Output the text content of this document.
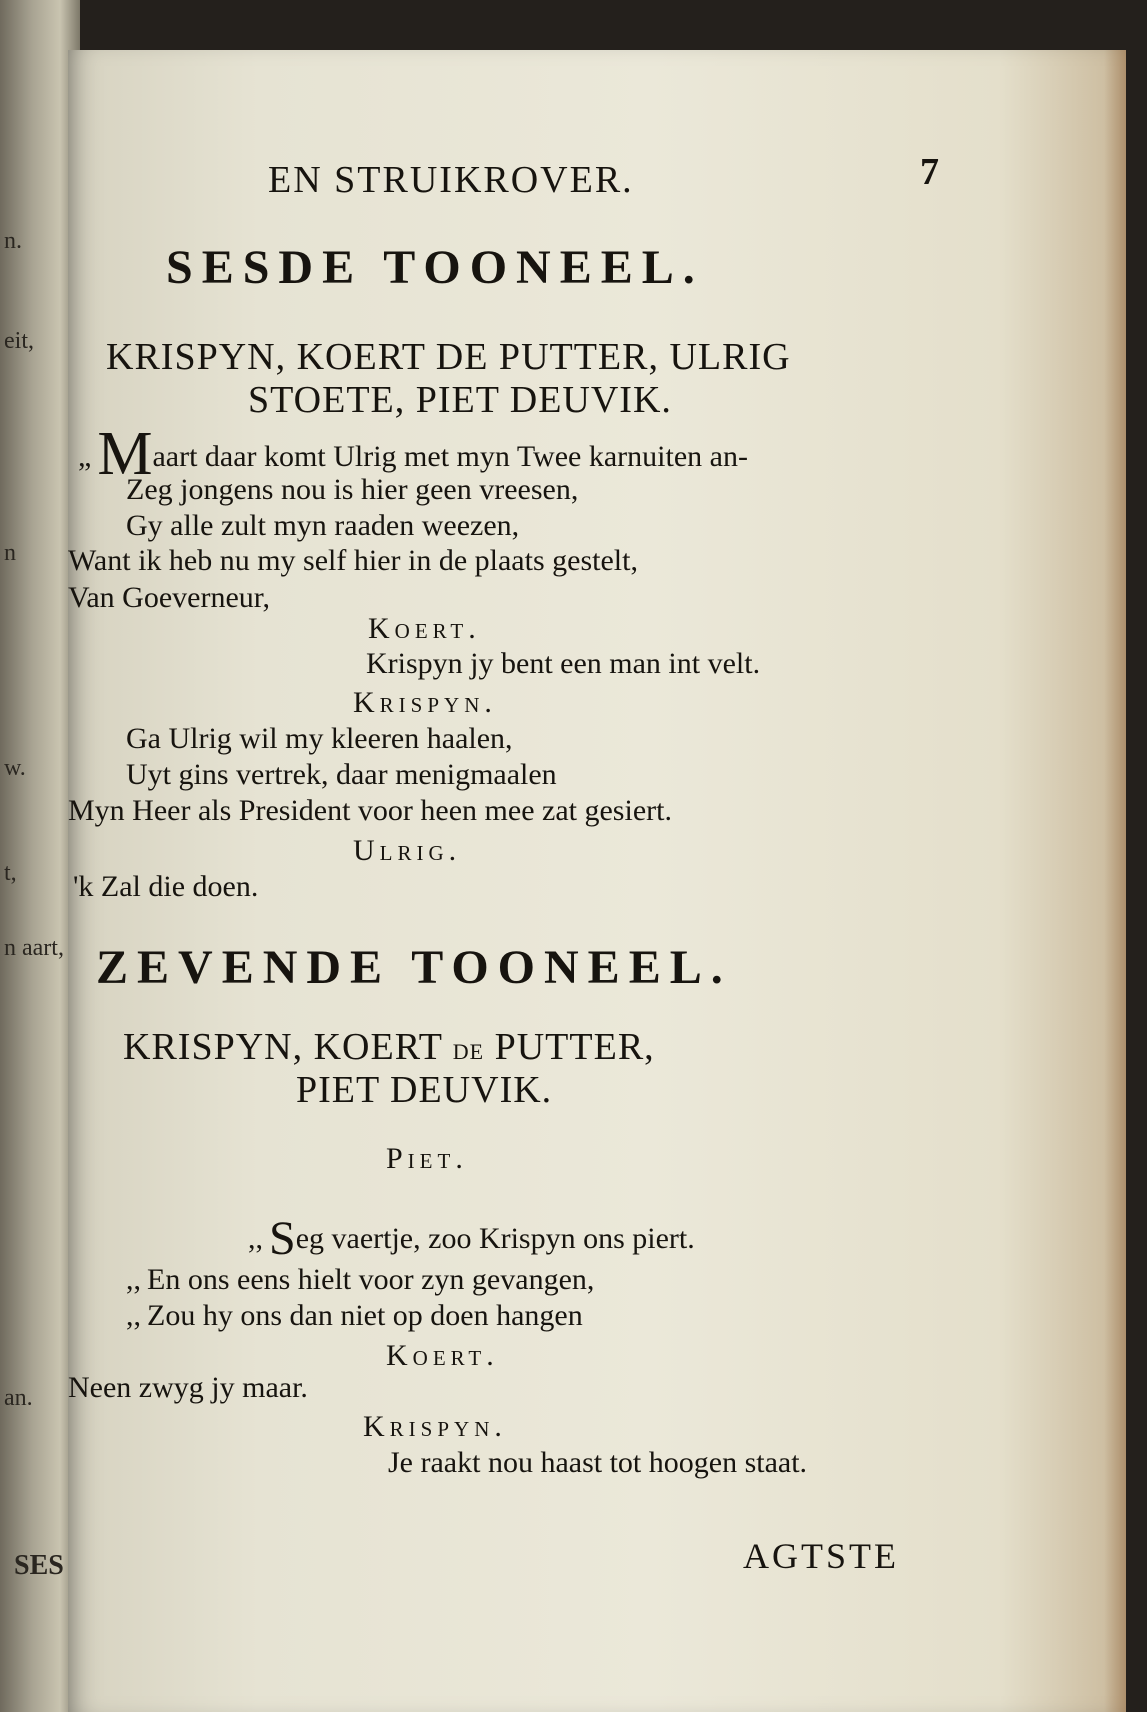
n.
eit,
n
w.
t,
n aart,
an.
SES
EN STRUIKROVER.	7
SESDE TOONEEL.
KRISPYN, KOERT DE PUTTER, ULRIG
STOETE, PIET DEUVIK.
„Maart daar komt Ulrig met myn Twee karnuiten an-
Zeg jongens nou is hier geen vreesen,
Gy alle zult myn raaden weezen,
Want ik heb nu my self hier in de plaats gestelt,
Van Goeverneur,
Koert.
Krispyn jy bent een man int velt.
Krispyn.
Ga Ulrig wil my kleeren haalen,
Uyt gins vertrek, daar menigmaalen
Myn Heer als President voor heen mee zat gesiert.
Ulrig.
'k Zal die doen.
ZEVENDE TOONEEL.
KRISPYN, KOERT DE PUTTER,
PIET DEUVIK.
Piet.
,, Seg vaertje, zoo Krispyn ons piert.
,, En ons eens hielt voor zyn gevangen,
,, Zou hy ons dan niet op doen hangen
Koert.
Neen zwyg jy maar.
Krispyn.
Je raakt nou haast tot hoogen staat.
AGTSTE
